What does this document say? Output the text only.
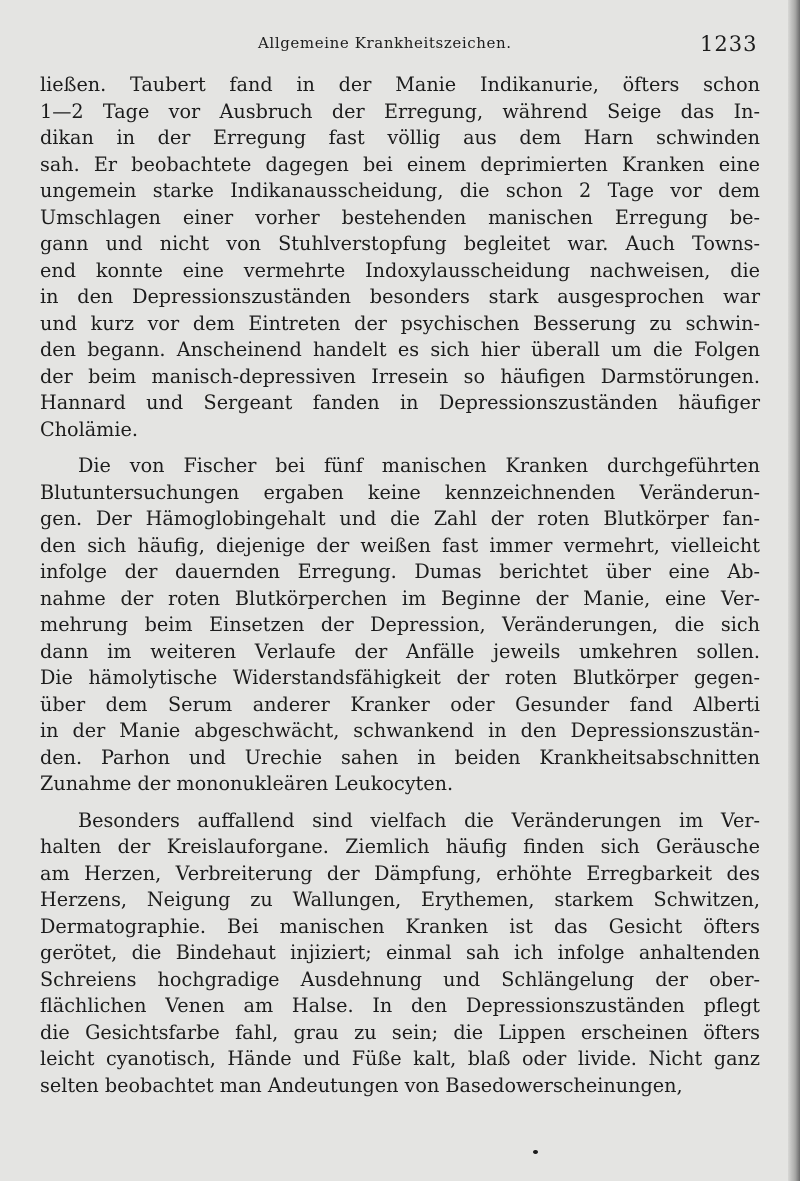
Allgemeine Krankheitszeichen.	1233
ließen. Taubert fand in der Manie Indikanurie, öfters schon
1—2 Tage vor Ausbruch der Erregung, während Seige das In-
dikan in der Erregung fast völlig aus dem Harn schwinden
sah. Er beobachtete dagegen bei einem deprimierten Kranken eine
ungemein starke Indikanausscheidung, die schon 2 Tage vor dem
Umschlagen einer vorher bestehenden manischen Erregung be-
gann und nicht von Stuhlverstopfung begleitet war. Auch Towns-
end konnte eine vermehrte Indoxylausscheidung nachweisen, die
in den Depressionszuständen besonders stark ausgesprochen war
und kurz vor dem Eintreten der psychischen Besserung zu schwin-
den begann. Anscheinend handelt es sich hier überall um die Folgen
der beim manisch-depressiven Irresein so häufigen Darmstörungen.
Hannard und Sergeant fanden in Depressionszuständen häufiger
Cholämie.
Die von Fischer bei fünf manischen Kranken durchgeführten
Blutuntersuchungen ergaben keine kennzeichnenden Veränderun-
gen. Der Hämoglobingehalt und die Zahl der roten Blutkörper fan-
den sich häufig, diejenige der weißen fast immer vermehrt, vielleicht
infolge der dauernden Erregung. Dumas berichtet über eine Ab-
nahme der roten Blutkörperchen im Beginne der Manie, eine Ver-
mehrung beim Einsetzen der Depression, Veränderungen, die sich
dann im weiteren Verlaufe der Anfälle jeweils umkehren sollen.
Die hämolytische Widerstandsfähigkeit der roten Blutkörper gegen-
über dem Serum anderer Kranker oder Gesunder fand Alberti
in der Manie abgeschwächt, schwankend in den Depressionszustän-
den. Parhon und Urechie sahen in beiden Krankheitsabschnitten
Zunahme der mononukleären Leukocyten.
Besonders auffallend sind vielfach die Veränderungen im Ver-
halten der Kreislauforgane. Ziemlich häufig finden sich Geräusche
am Herzen, Verbreiterung der Dämpfung, erhöhte Erregbarkeit des
Herzens, Neigung zu Wallungen, Erythemen, starkem Schwitzen,
Dermatographie. Bei manischen Kranken ist das Gesicht öfters
gerötet, die Bindehaut injiziert; einmal sah ich infolge anhaltenden
Schreiens hochgradige Ausdehnung und Schlängelung der ober-
flächlichen Venen am Halse. In den Depressionszuständen pflegt
die Gesichtsfarbe fahl, grau zu sein; die Lippen erscheinen öfters
leicht cyanotisch, Hände und Füße kalt, blaß oder livide. Nicht ganz
selten beobachtet man Andeutungen von Basedowerscheinungen,
